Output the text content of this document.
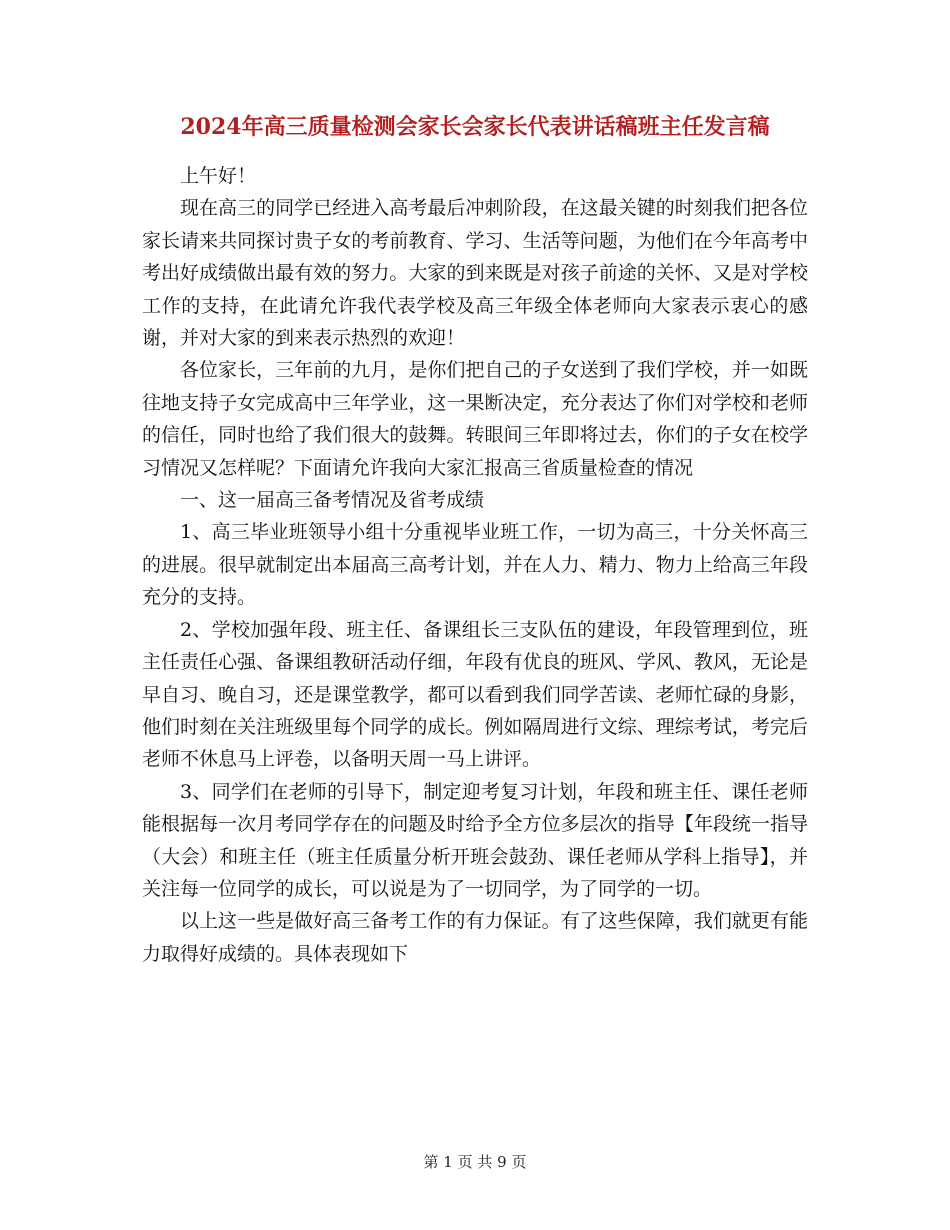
2024年高三质量检测会家长会家长代表讲话稿班主任发言稿

上午好！

现在高三的同学已经进入高考最后冲刺阶段，在这最关键的时刻我们把各位家长请来共同探讨贵子女的考前教育、学习、生活等问题，为他们在今年高考中考出好成绩做出最有效的努力。大家的到来既是对孩子前途的关怀、又是对学校工作的支持，在此请允许我代表学校及高三年级全体老师向大家表示衷心的感谢，并对大家的到来表示热烈的欢迎！

各位家长，三年前的九月，是你们把自己的子女送到了我们学校，并一如既往地支持子女完成高中三年学业，这一果断决定，充分表达了你们对学校和老师的信任，同时也给了我们很大的鼓舞。转眼间三年即将过去，你们的子女在校学习情况又怎样呢？下面请允许我向大家汇报高三省质量检查的情况

一、这一届高三备考情况及省考成绩

1、高三毕业班领导小组十分重视毕业班工作，一切为高三，十分关怀高三的进展。很早就制定出本届高三高考计划，并在人力、精力、物力上给高三年段充分的支持。

2、学校加强年段、班主任、备课组长三支队伍的建设，年段管理到位，班主任责任心强、备课组教研活动仔细，年段有优良的班风、学风、教风，无论是早自习、晚自习，还是课堂教学，都可以看到我们同学苦读、老师忙碌的身影，他们时刻在关注班级里每个同学的成长。例如隔周进行文综、理综考试，考完后老师不休息马上评卷，以备明天周一马上讲评。

3、同学们在老师的引导下，制定迎考复习计划，年段和班主任、课任老师能根据每一次月考同学存在的问题及时给予全方位多层次的指导【年段统一指导（大会）和班主任（班主任质量分析开班会鼓劲、课任老师从学科上指导】，并关注每一位同学的成长，可以说是为了一切同学，为了同学的一切。

以上这一些是做好高三备考工作的有力保证。有了这些保障，我们就更有能力取得好成绩的。具体表现如下

第 1 页 共 9 页
